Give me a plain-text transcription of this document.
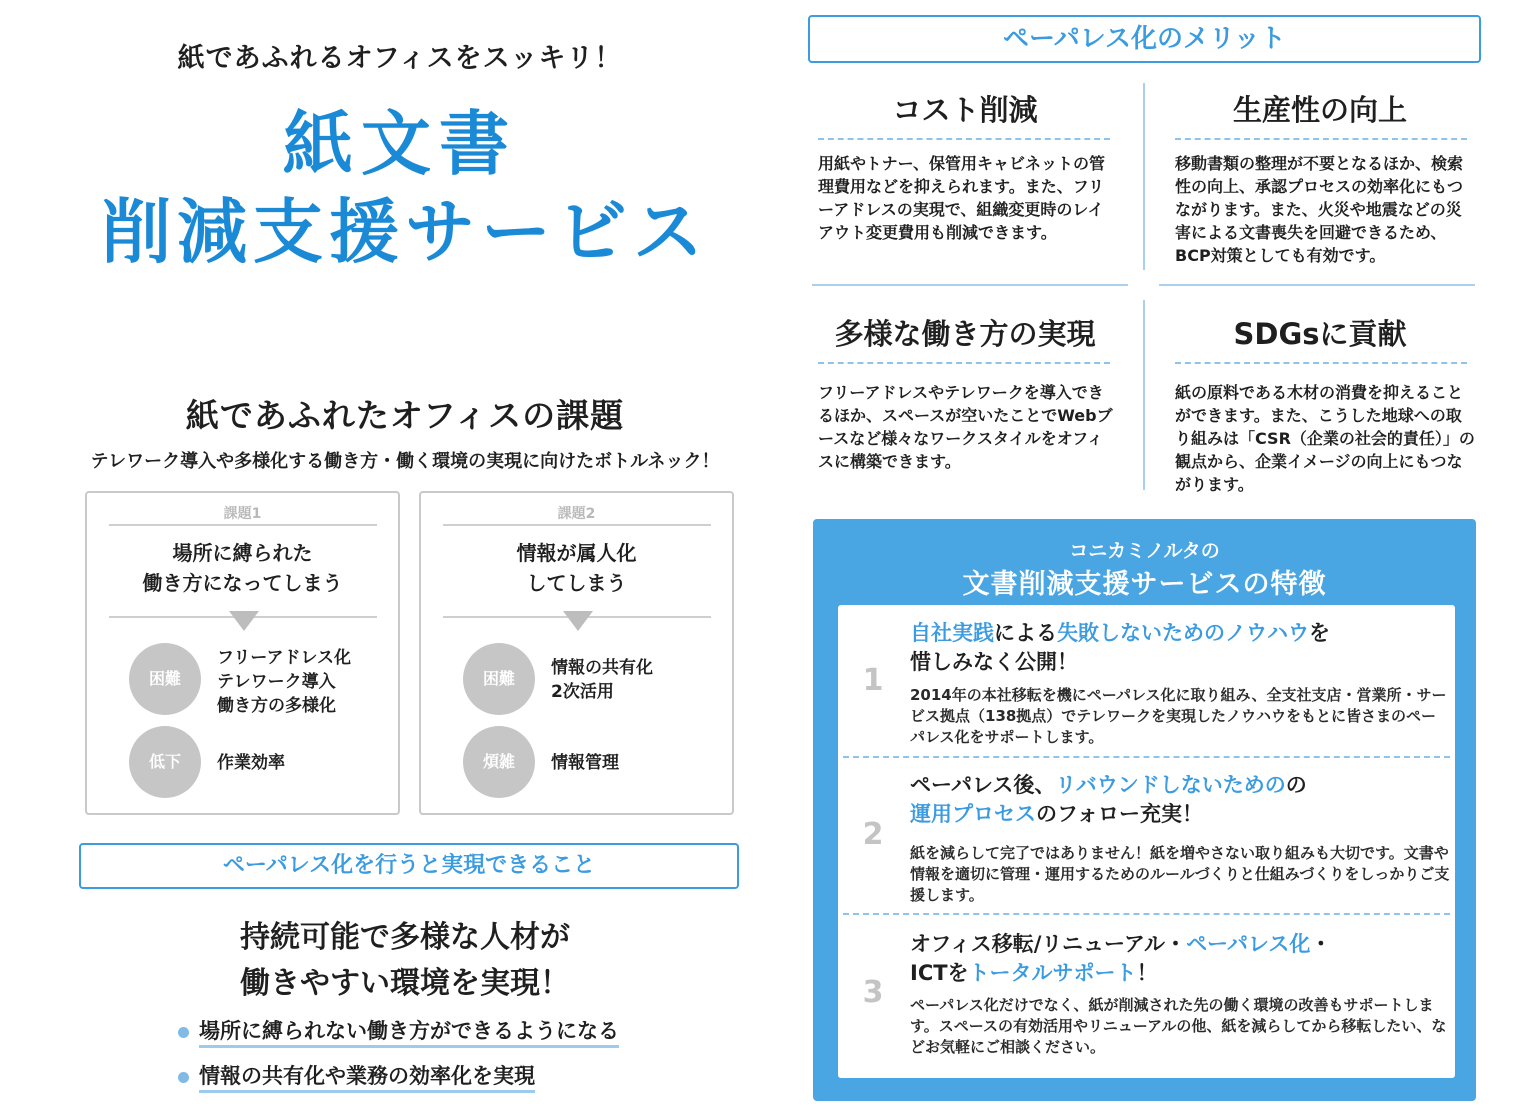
紙であふれるオフィスをスッキリ！
紙文書
削減支援サービス
紙であふれたオフィスの課題
テレワーク導入や多様化する働き方・働く環境の実現に向けたボトルネック！
課題1
場所に縛られた
働き方になってしまう
困難
フリーアドレス化
テレワーク導入
働き方の多様化
低下	作業効率
課題2
情報が属人化
してしまう
困難
情報の共有化
2次活用
煩雑	情報管理
ペーパレス化を行うと実現できること
持続可能で多様な人材が
働きやすい環境を実現！
場所に縛られない働き方ができるようになる
情報の共有化や業務の効率化を実現
ペーパレス化のメリット
コスト削減
用紙やトナー、保管用キャビネットの管理費用などを抑えられます。また、フリーアドレスの実現で、組織変更時のレイアウト変更費用も削減できます。
生産性の向上
移動書類の整理が不要となるほか、検索性の向上、承認プロセスの効率化にもつながります。また、火災や地震などの災害による文書喪失を回避できるため、BCP対策としても有効です。
多様な働き方の実現
フリーアドレスやテレワークを導入できるほか、スペースが空いたことでWebブースなど様々なワークスタイルをオフィスに構築できます。
SDGsに貢献
紙の原料である木材の消費を抑えることができます。また、こうした地球への取り組みは「CSR（企業の社会的責任）」の観点から、企業イメージの向上にもつながります。
コニカミノルタの
文書削減支援サービスの特徴
1
自社実践による失敗しないためのノウハウを
惜しみなく公開！
2014年の本社移転を機にペーパレス化に取り組み、全支社支店・営業所・サービス拠点（138拠点）でテレワークを実現したノウハウをもとに皆さまのペーパレス化をサポートします。
2
ペーパレス後、リバウンドしないためのの
運用プロセスのフォロー充実！
紙を減らして完了ではありません！紙を増やさない取り組みも大切です。文書や情報を適切に管理・運用するためのルールづくりと仕組みづくりをしっかりご支援します。
3
オフィス移転/リニューアル・ペーパレス化・
ICTをトータルサポート！
ペーパレス化だけでなく、紙が削減された先の働く環境の改善もサポートします。スペースの有効活用やリニューアルの他、紙を減らしてから移転したい、などお気軽にご相談ください。
